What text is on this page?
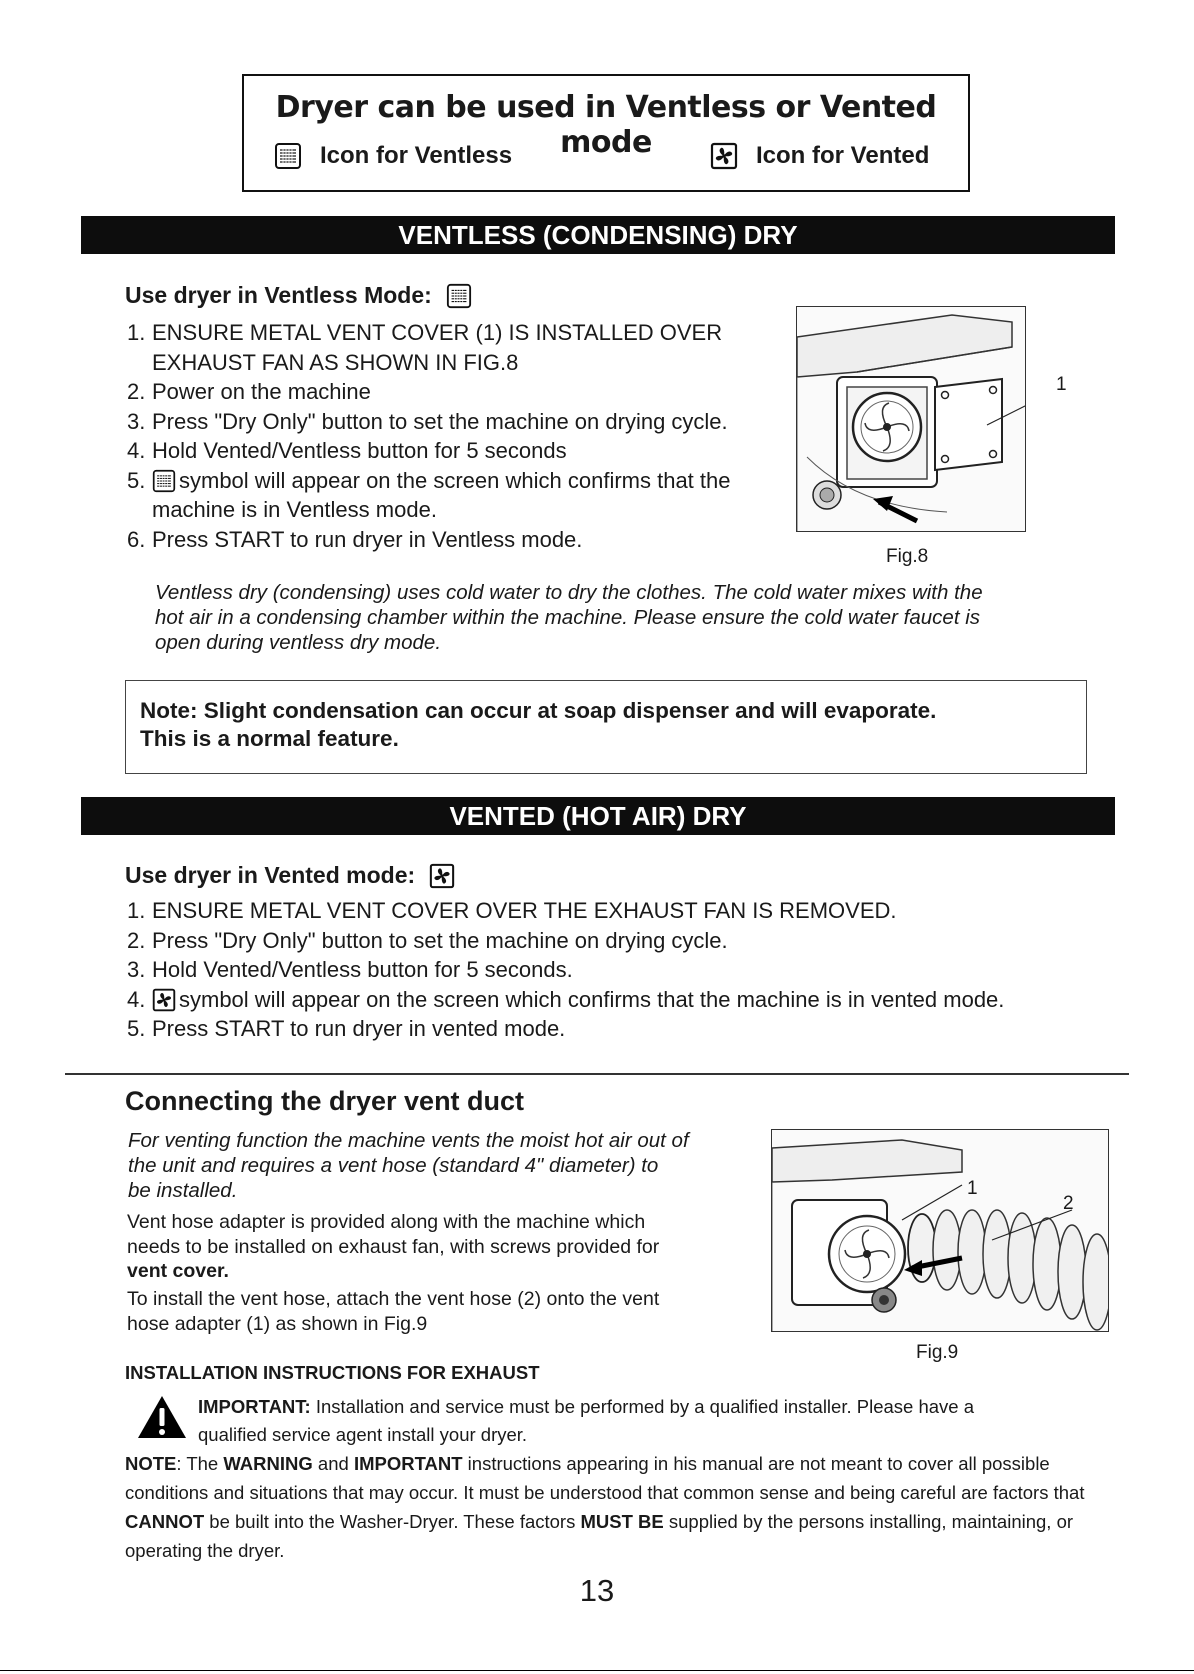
Dryer can be used in Ventless or Vented mode
Icon for Ventless	Icon for Vented
VENTLESS (CONDENSING) DRY
Use dryer in Ventless Mode:
1. ENSURE METAL VENT COVER (1) IS INSTALLED OVER
EXHAUST FAN AS SHOWN IN FIG.8
2. Power on the machine
3. Press "Dry Only" button to set the machine on drying cycle.
4. Hold Vented/Ventless button for 5 seconds
5. symbol will appear on the screen which confirms that the
machine is in Ventless mode.
6. Press START to run dryer in Ventless mode.
1
Fig.8
Ventless dry (condensing) uses cold water to dry the clothes. The cold water mixes with the
hot air in a condensing chamber within the machine. Please ensure the cold water faucet is
open during ventless dry mode.
Note: Slight condensation can occur at soap dispenser and will evaporate.
This is a normal feature.
VENTED (HOT AIR) DRY
Use dryer in Vented mode:
1. ENSURE METAL VENT COVER OVER THE EXHAUST FAN IS REMOVED.
2. Press "Dry Only" button to set the machine on drying cycle.
3. Hold Vented/Ventless button for 5 seconds.
4. symbol will appear on the screen which confirms that the machine is in vented mode.
5. Press START to run dryer in vented mode.
Connecting the dryer vent duct
For venting function the machine vents the moist hot air out of
the unit and requires a vent hose (standard 4" diameter) to
be installed.
Vent hose adapter is provided along with the machine which
needs to be installed on exhaust fan, with screws provided for
vent cover.
To install the vent hose, attach the vent hose (2) onto the vent
hose adapter (1) as shown in Fig.9
1
2
Fig.9
INSTALLATION INSTRUCTIONS FOR EXHAUST
IMPORTANT: Installation and service must be performed by a qualified installer. Please have a
qualified service agent install your dryer.
NOTE: The WARNING and IMPORTANT instructions appearing in his manual are not meant to cover all possible conditions and situations that may occur. It must be understood that common sense and being careful are factors that CANNOT be built into the Washer-Dryer. These factors MUST BE supplied by the persons installing, maintaining, or operating the dryer.
13
